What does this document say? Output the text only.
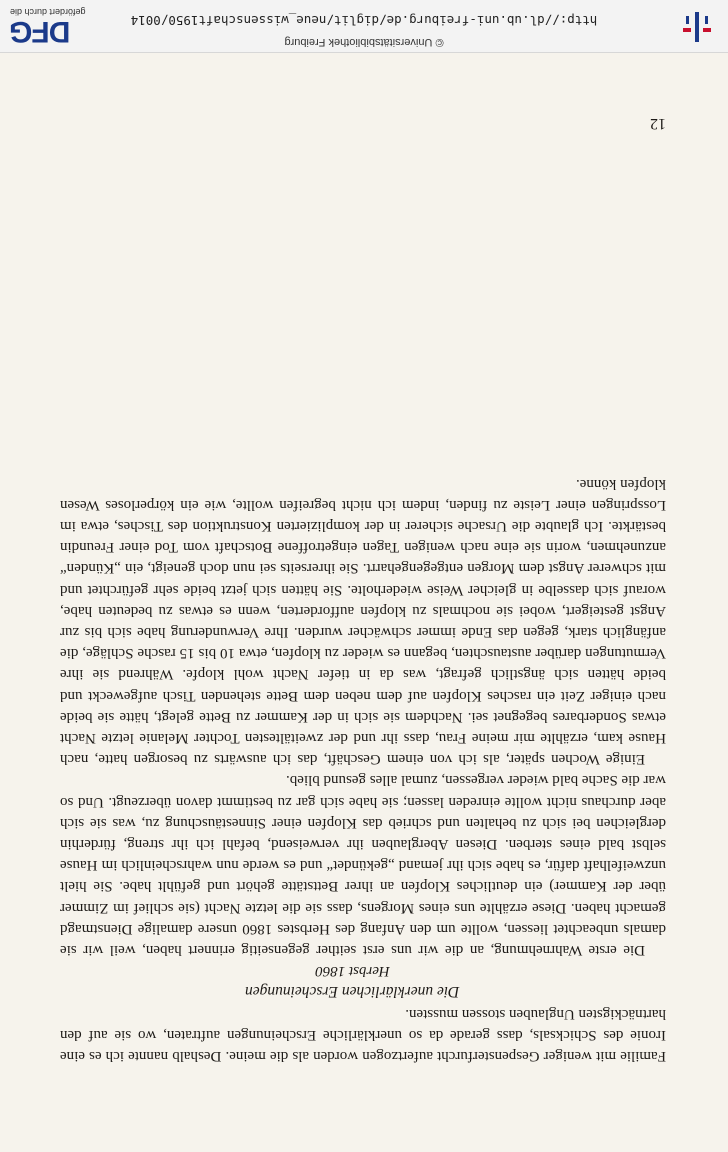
Familie mit weniger Gespensterfurcht aufertzogen worden als die meine. Deshalb nannte ich es eine Ironie des Schicksals, dass gerade da so unerklärliche Erscheinungen auftraten, wo sie auf den hartnäckigsten Unglauben stossen mussten.

Die unerklärlichen Erscheinungen

Herbst 1860

Die erste Wahrnehmung, an die wir uns erst seither gegenseitig erinnert haben, weil wir sie damals unbeachtet liessen, wollte um den Anfang des Herbstes 1860 unsere damalige Dienstmagd gemacht haben. Diese erzählte uns eines Morgens, dass sie die letzte Nacht (sie schlief im Zimmer über der Kammer) ein deutliches Klopfen an ihrer Bettstätte gehört und gefühlt habe. Sie hielt unzweifelhaft dafür, es habe sich ihr jemand „gekündet“ und es werde nun wahrscheinlich im Hause selbst bald eines sterben. Diesen Aberglauben ihr verweisend, befahl ich ihr streng, fürderhin dergleichen bei sich zu behalten und schrieb das Klopfen einer Sinnestäuschung zu, was sie sich aber durchaus nicht wollte einreden lassen; sie habe sich gar zu bestimmt davon überzeugt. Und so war die Sache bald wieder vergessen, zumal alles gesund blieb.

Einige Wochen später, als ich von einem Geschäft, das ich auswärts zu besorgen hatte, nach Hause kam, erzählte mir meine Frau, dass ihr und der zweitältesten Tochter Melanie letzte Nacht etwas Sonderbares begegnet sei. Nachdem sie sich in der Kammer zu Bette gelegt, hätte sie beide nach einiger Zeit ein rasches Klopfen auf dem neben dem Bette stehenden Tisch aufgeweckt und beide hätten sich ängstlich gefragt, was da in tiefer Nacht wohl klopfe. Während sie ihre Vermutungen darüber austauschten, begann es wieder zu klopfen, etwa 10 bis 15 rasche Schläge, die anfänglich stark, gegen das Ende immer schwächer wurden. Ihre Verwunderung habe sich bis zur Angst gesteigert, wobei sie nochmals zu klopfen aufforderten, wenn es etwas zu bedeuten habe, worauf sich dasselbe in gleicher Weise wiederholte. Sie hätten sich jetzt beide sehr gefürchtet und mit schwerer Angst dem Morgen entgegengeharrt. Sie ihrerseits sei nun doch geneigt, ein „Künden“ anzunehmen, worin sie eine nach wenigen Tagen eingetroffene Botschaft vom Tod einer Freundin bestärkte. Ich glaubte die Ursache sicherer in der komplizierten Konstruktion des Tisches, etwa im Losspringen einer Leiste zu finden, indem ich nicht begreifen wollte, wie ein körperloses Wesen klopfen könne.

12
© Universitätsbibliothek Freiburg
http://dl.ub.uni-freiburg.de/diglit/neue_wissenschaft1950/0014
DFG
gefördert durch die
